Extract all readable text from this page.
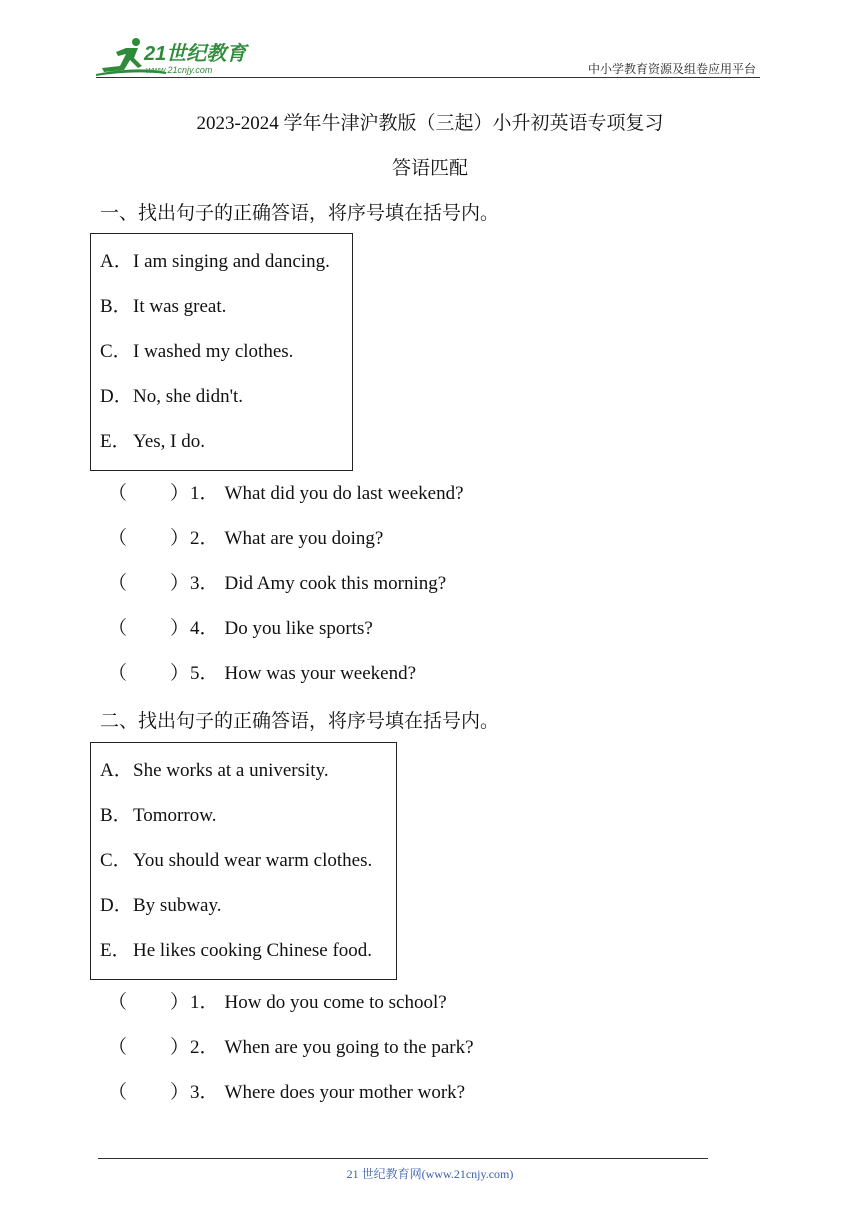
21世纪教育
www.21cnjy.com	中小学教育资源及组卷应用平台
2023-2024 学年牛津沪教版（三起）小升初英语专项复习
答语匹配
一、找出句子的正确答语，将序号填在括号内。
A．I am singing and dancing.
B．It was great.
C．I washed my clothes.
D．No, she didn't.
E． Yes, I do.
（ ）1． What did you do last weekend?
（ ）2． What are you doing?
（ ）3． Did Amy cook this morning?
（ ）4． Do you like sports?
（ ）5． How was your weekend?
二、找出句子的正确答语，将序号填在括号内。
A．She works at a university.
B．Tomorrow.
C．You should wear warm clothes.
D．By subway.
E． He likes cooking Chinese food.
（ ）1． How do you come to school?
（ ）2． When are you going to the park?
（ ）3． Where does your mother work?
21 世纪教育网(www.21cnjy.com)
